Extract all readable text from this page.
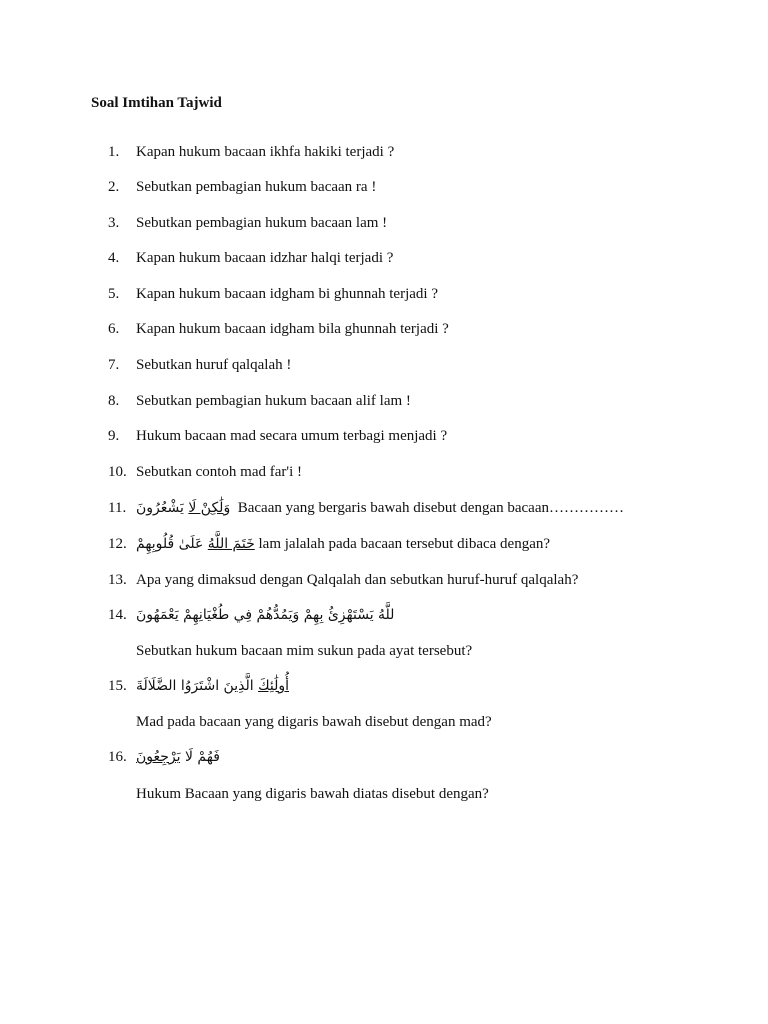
Soal Imtihan Tajwid
1. Kapan hukum bacaan ikhfa hakiki terjadi ?
2. Sebutkan pembagian hukum bacaan ra !
3. Sebutkan pembagian hukum bacaan lam !
4. Kapan hukum bacaan idzhar halqi terjadi ?
5. Kapan hukum bacaan idgham bi ghunnah terjadi ?
6. Kapan hukum bacaan idgham bila ghunnah terjadi ?
7. Sebutkan huruf qalqalah !
8. Sebutkan pembagian hukum bacaan alif lam !
9. Hukum bacaan mad secara umum terbagi menjadi ?
10. Sebutkan contoh mad far'i !
11.	وَلَٰكِنْ لَا يَشْعُرُونَ	Bacaan yang bergaris bawah disebut dengan bacaan……………
12.	خَتَمَ اللَّهُ عَلَىٰ قُلُوبِهِمْ	lam jalalah pada bacaan tersebut dibaca dengan?
13. Apa yang dimaksud dengan Qalqalah dan sebutkan huruf-huruf qalqalah?
14. للَّهُ يَسْتَهْزِئُ بِهِمْ وَيَمُدُّهُمْ فِي طُغْيَانِهِمْ يَعْمَهُونَ
Sebutkan hukum bacaan mim sukun pada ayat tersebut?
15.	أُولَٰئِكَ الَّذِينَ اشْتَرَوُا الضَّلَالَةَ
Mad pada bacaan yang digaris bawah disebut dengan mad?
16.	فَهُمْ لَا يَرْجِعُونَ
Hukum Bacaan yang digaris bawah diatas disebut dengan?
